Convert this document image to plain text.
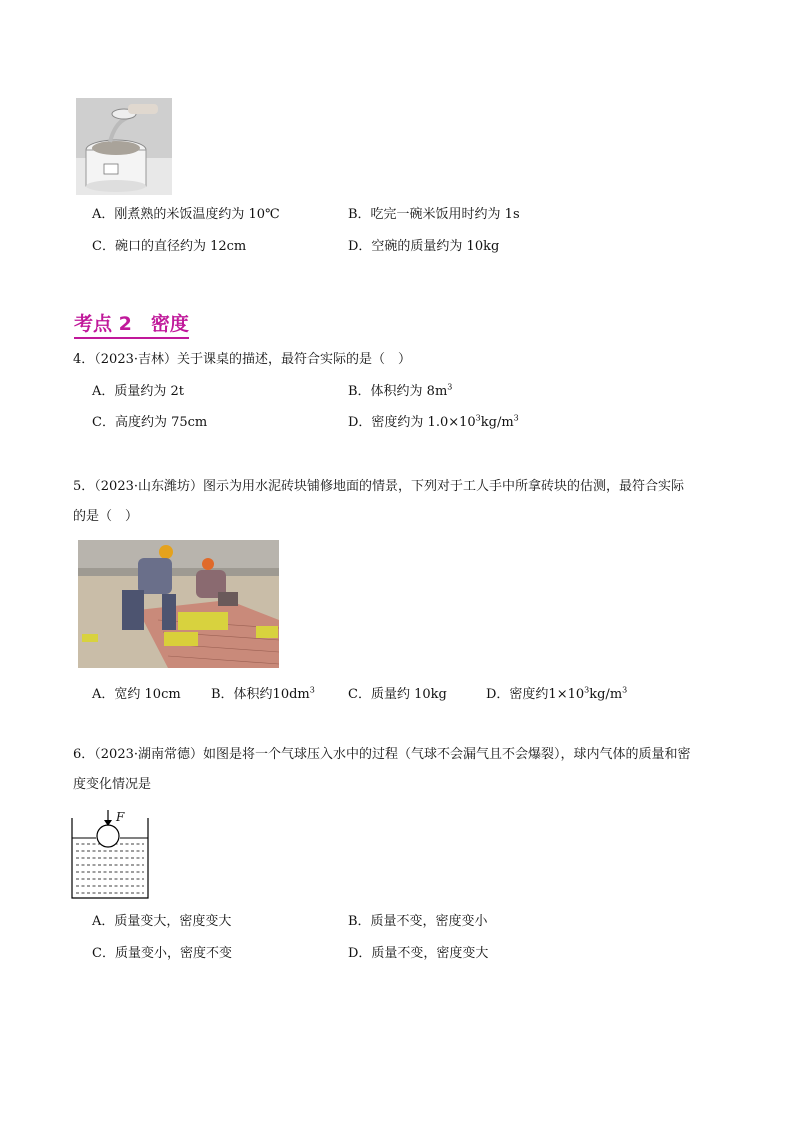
A．刚煮熟的米饭温度约为 10℃	B．吃完一碗米饭用时约为 1s
C．碗口的直径约为 12cm	D．空碗的质量约为 10kg
考点 2　密度
4．（2023·吉林）关于课桌的描述，最符合实际的是（　）
A．质量约为 2t	B．体积约为 $8m^3$
C．高度约为 75cm	D．密度约为 $1.0\times 10^3kg/m^3$
5．（2023·山东潍坊）图示为用水泥砖块铺修地面的情景，下列对于工人手中所拿砖块的估测，最符合实际
的是（　）
A．宽约 10cm B．体积约$10dm^3$	C．质量约 10kg	D．密度约$1\times 10^3kg/m^3$
6．（2023·湖南常德）如图是将一个气球压入水中的过程（气球不会漏气且不会爆裂），球内气体的质量和密
度变化情况是
F
A．质量变大，密度变大	B．质量不变，密度变小
C．质量变小，密度不变	D．质量不变，密度变大
